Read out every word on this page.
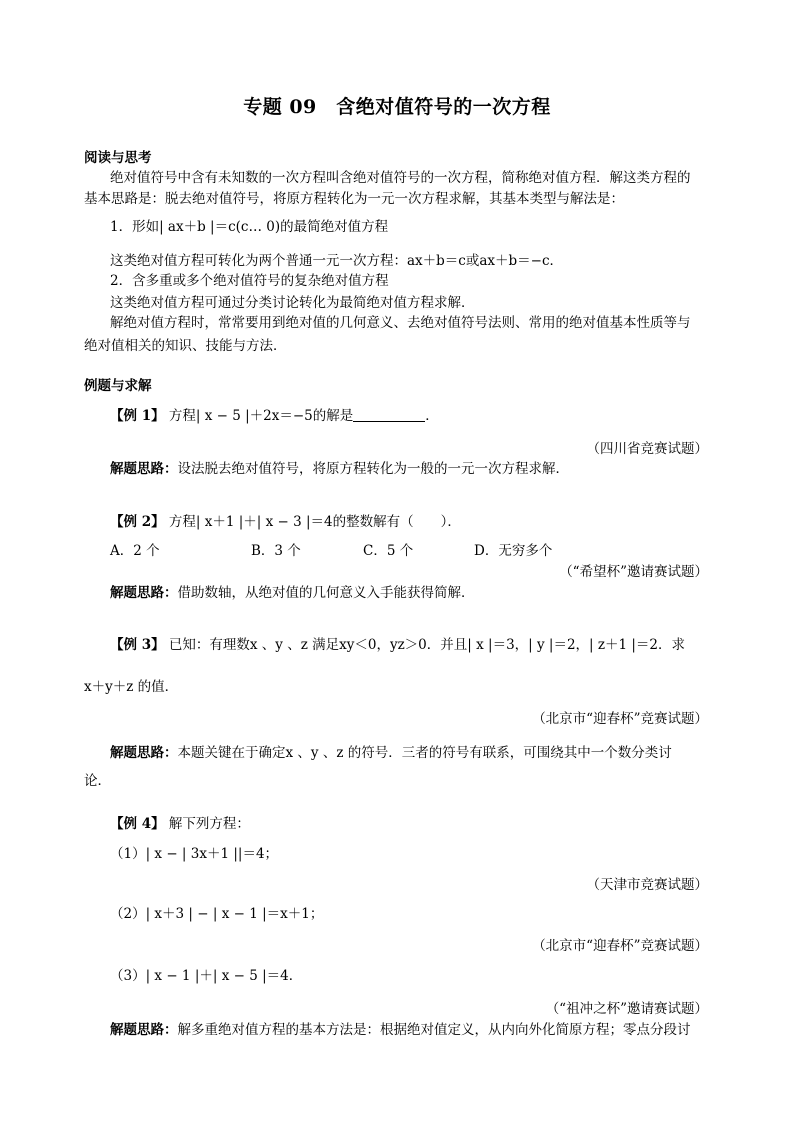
专题 09　含绝对值符号的一次方程
阅读与思考
绝对值符号中含有未知数的一次方程叫含绝对值符号的一次方程，简称绝对值方程．解这类方程的
基本思路是：脱去绝对值符号，将原方程转化为一元一次方程求解，其基本类型与解法是：
1．形如| ax＋b |＝c(c… 0)的最简绝对值方程
这类绝对值方程可转化为两个普通一元一次方程：ax＋b＝c或ax＋b＝−c．
2．含多重或多个绝对值符号的复杂绝对值方程
这类绝对值方程可通过分类讨论转化为最简绝对值方程求解．
解绝对值方程时，常常要用到绝对值的几何意义、去绝对值符号法则、常用的绝对值基本性质等与
绝对值相关的知识、技能与方法．
例题与求解
【例 1】 方程| x − 5 |＋2x＝−5的解是	．
（四川省竞赛试题）
解题思路：设法脱去绝对值符号，将原方程转化为一般的一元一次方程求解．
【例 2】 方程| x＋1 |＋| x − 3 |＝4的整数解有（　　）．
A．2 个	B．3 个	C．5 个	D．无穷多个
（“希望杯”邀请赛试题）
解题思路：借助数轴，从绝对值的几何意义入手能获得简解．
【例 3】 已知：有理数x 、y 、z 满足xy＜0，yz＞0．并且| x |＝3，| y |＝2，| z＋1 |＝2．求
x＋y＋z 的值．
（北京市“迎春杯”竞赛试题）
解题思路：本题关键在于确定x 、y 、z 的符号．三者的符号有联系，可围绕其中一个数分类讨
论．
【例 4】 解下列方程：
（1）| x − | 3x＋1 ||＝4；
（天津市竞赛试题）
（2）| x＋3 | − | x − 1 |＝x＋1；
（北京市“迎春杯”竞赛试题）
（3）| x − 1 |＋| x − 5 |＝4．
（“祖冲之杯”邀请赛试题）
解题思路：解多重绝对值方程的基本方法是：根据绝对值定义，从内向外化简原方程；零点分段讨
